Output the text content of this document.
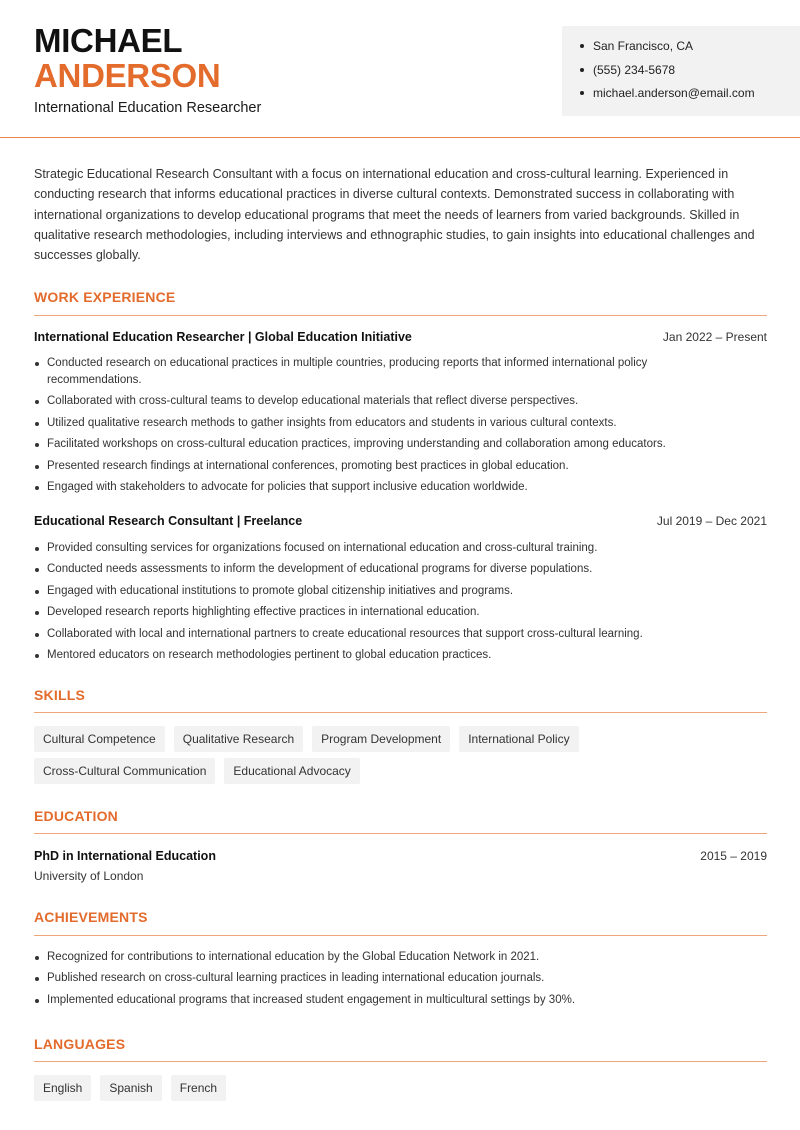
MICHAEL
ANDERSON
International Education Researcher
San Francisco, CA
(555) 234-5678
michael.anderson@email.com

Strategic Educational Research Consultant with a focus on international education and cross-cultural learning. Experienced in conducting research that informs educational practices in diverse cultural contexts. Demonstrated success in collaborating with international organizations to develop educational programs that meet the needs of learners from varied backgrounds. Skilled in qualitative research methodologies, including interviews and ethnographic studies, to gain insights into educational challenges and successes globally.

WORK EXPERIENCE
International Education Researcher | Global Education Initiative	Jan 2022 – Present
Conducted research on educational practices in multiple countries, producing reports that informed international policy recommendations.
Collaborated with cross-cultural teams to develop educational materials that reflect diverse perspectives.
Utilized qualitative research methods to gather insights from educators and students in various cultural contexts.
Facilitated workshops on cross-cultural education practices, improving understanding and collaboration among educators.
Presented research findings at international conferences, promoting best practices in global education.
Engaged with stakeholders to advocate for policies that support inclusive education worldwide.
Educational Research Consultant | Freelance	Jul 2019 – Dec 2021
Provided consulting services for organizations focused on international education and cross-cultural training.
Conducted needs assessments to inform the development of educational programs for diverse populations.
Engaged with educational institutions to promote global citizenship initiatives and programs.
Developed research reports highlighting effective practices in international education.
Collaborated with local and international partners to create educational resources that support cross-cultural learning.
Mentored educators on research methodologies pertinent to global education practices.
SKILLS
Cultural Competence	Qualitative Research	Program Development	International Policy
Cross-Cultural Communication	Educational Advocacy
EDUCATION
PhD in International Education	2015 – 2019
University of London
ACHIEVEMENTS
Recognized for contributions to international education by the Global Education Network in 2021.
Published research on cross-cultural learning practices in leading international education journals.
Implemented educational programs that increased student engagement in multicultural settings by 30%.
LANGUAGES
English	Spanish	French
